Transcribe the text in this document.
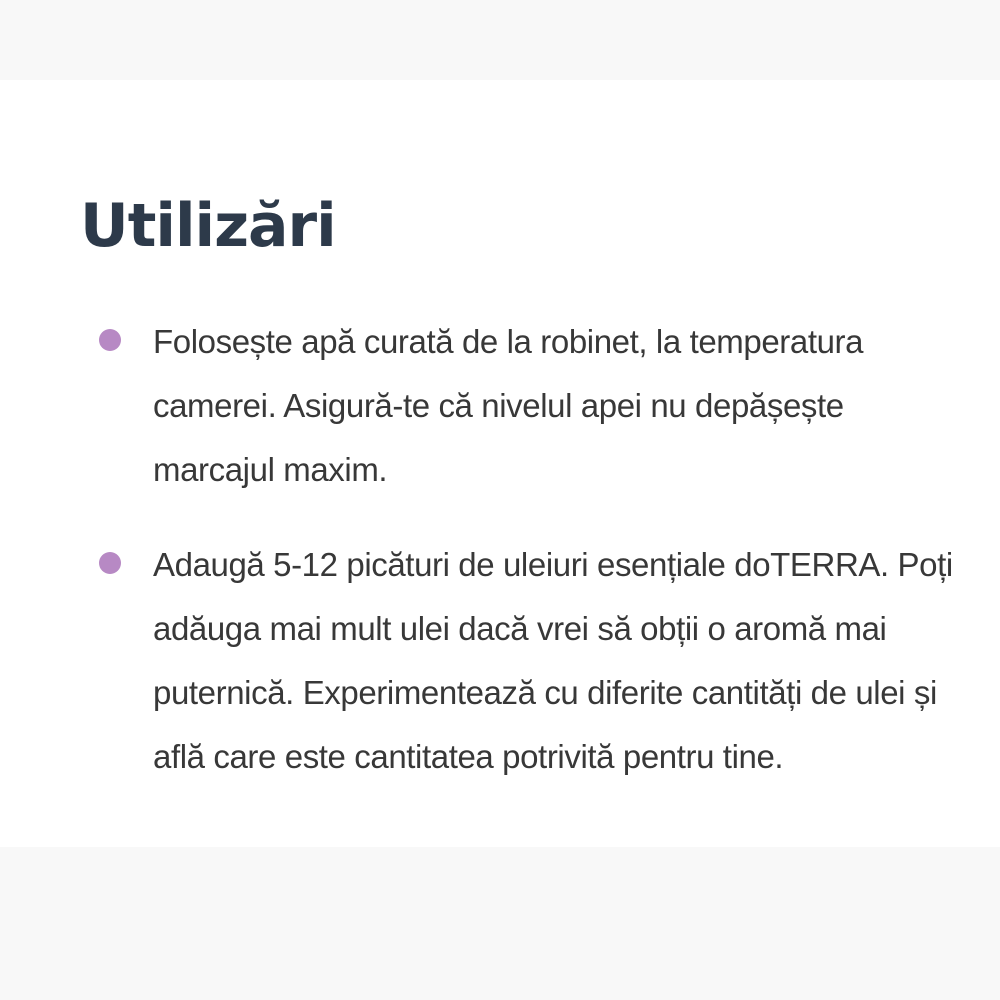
Utilizări
Folosește apă curată de la robinet, la temperatura camerei. Asigură-te că nivelul apei nu depășește marcajul maxim.
Adaugă 5-12 picături de uleiuri esențiale doTERRA. Poți adăuga mai mult ulei dacă vrei să obții o aromă mai puternică. Experimentează cu diferite cantități de ulei și află care este cantitatea potrivită pentru tine.
